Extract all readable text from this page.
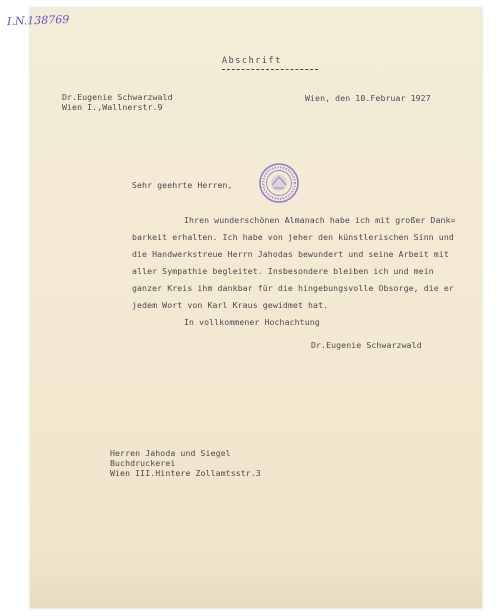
I.N.138769
Abschrift
Dr.Eugenie Schwarzwald
Wien I.,Wallnerstr.9
Wien, den 10.Februar 1927
Sehr geehrte Herren,
Ihren wunderschönen Almanach habe ich mit großer Dank=
barkeit erhalten. Ich habe von jeher den künstlerischen Sinn und
die Handwerkstreue Herrn Jahodas bewundert und seine Arbeit mit
aller Sympathie begleitet. Insbesondere bleiben ich und mein
ganzer Kreis ihm dankbar für die hingebungsvolle Obsorge, die er
jedem Wort von Karl Kraus gewidmet hat.
In vollkommener Hochachtung
Dr.Eugenie Schwarzwald
Herren Jahoda und Siegel
Buchdruckerei
Wien III.Hintere Zollamtsstr.3
